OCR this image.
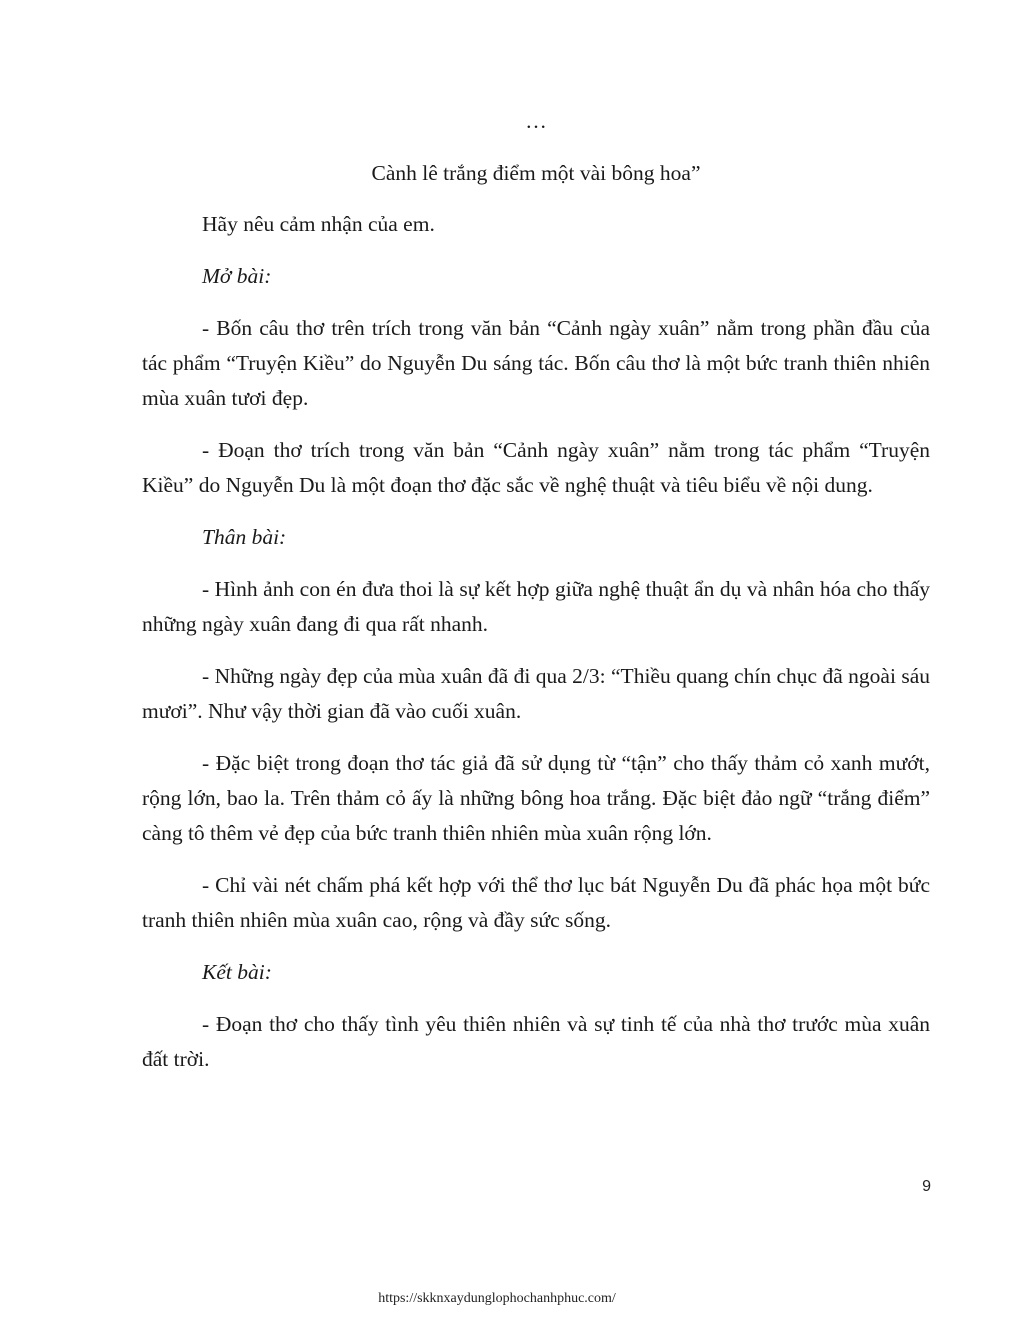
…

Cành lê trắng điểm một vài bông hoa”

Hãy nêu cảm nhận của em.

Mở bài:

- Bốn câu thơ trên trích trong văn bản “Cảnh ngày xuân” nằm trong phần đầu của tác phẩm “Truyện Kiều” do Nguyễn Du sáng tác. Bốn câu thơ là một bức tranh thiên nhiên mùa xuân tươi đẹp.

- Đoạn thơ trích trong văn bản “Cảnh ngày xuân” nằm trong tác phẩm “Truyện Kiều” do Nguyễn Du là một đoạn thơ đặc sắc về nghệ thuật và tiêu biểu về nội dung.

Thân bài:

- Hình ảnh con én đưa thoi là sự kết hợp giữa nghệ thuật ẩn dụ và nhân hóa cho thấy những ngày xuân đang đi qua rất nhanh.

- Những ngày đẹp của mùa xuân đã đi qua 2/3: “Thiều quang chín chục đã ngoài sáu mươi”. Như vậy thời gian đã vào cuối xuân.

- Đặc biệt trong đoạn thơ tác giả đã sử dụng từ “tận” cho thấy thảm cỏ xanh mướt, rộng lớn, bao la. Trên thảm cỏ ấy là những bông hoa trắng. Đặc biệt đảo ngữ “trắng điểm” càng tô thêm vẻ đẹp của bức tranh thiên nhiên mùa xuân rộng lớn.

- Chỉ vài nét chấm phá kết hợp với thể thơ lục bát Nguyễn Du đã phác họa một bức tranh thiên nhiên mùa xuân cao, rộng và đầy sức sống.

Kết bài:

- Đoạn thơ cho thấy tình yêu thiên nhiên và sự tinh tế của nhà thơ trước mùa xuân đất trời.

9
https://skknxaydunglophochanhphuc.com/
